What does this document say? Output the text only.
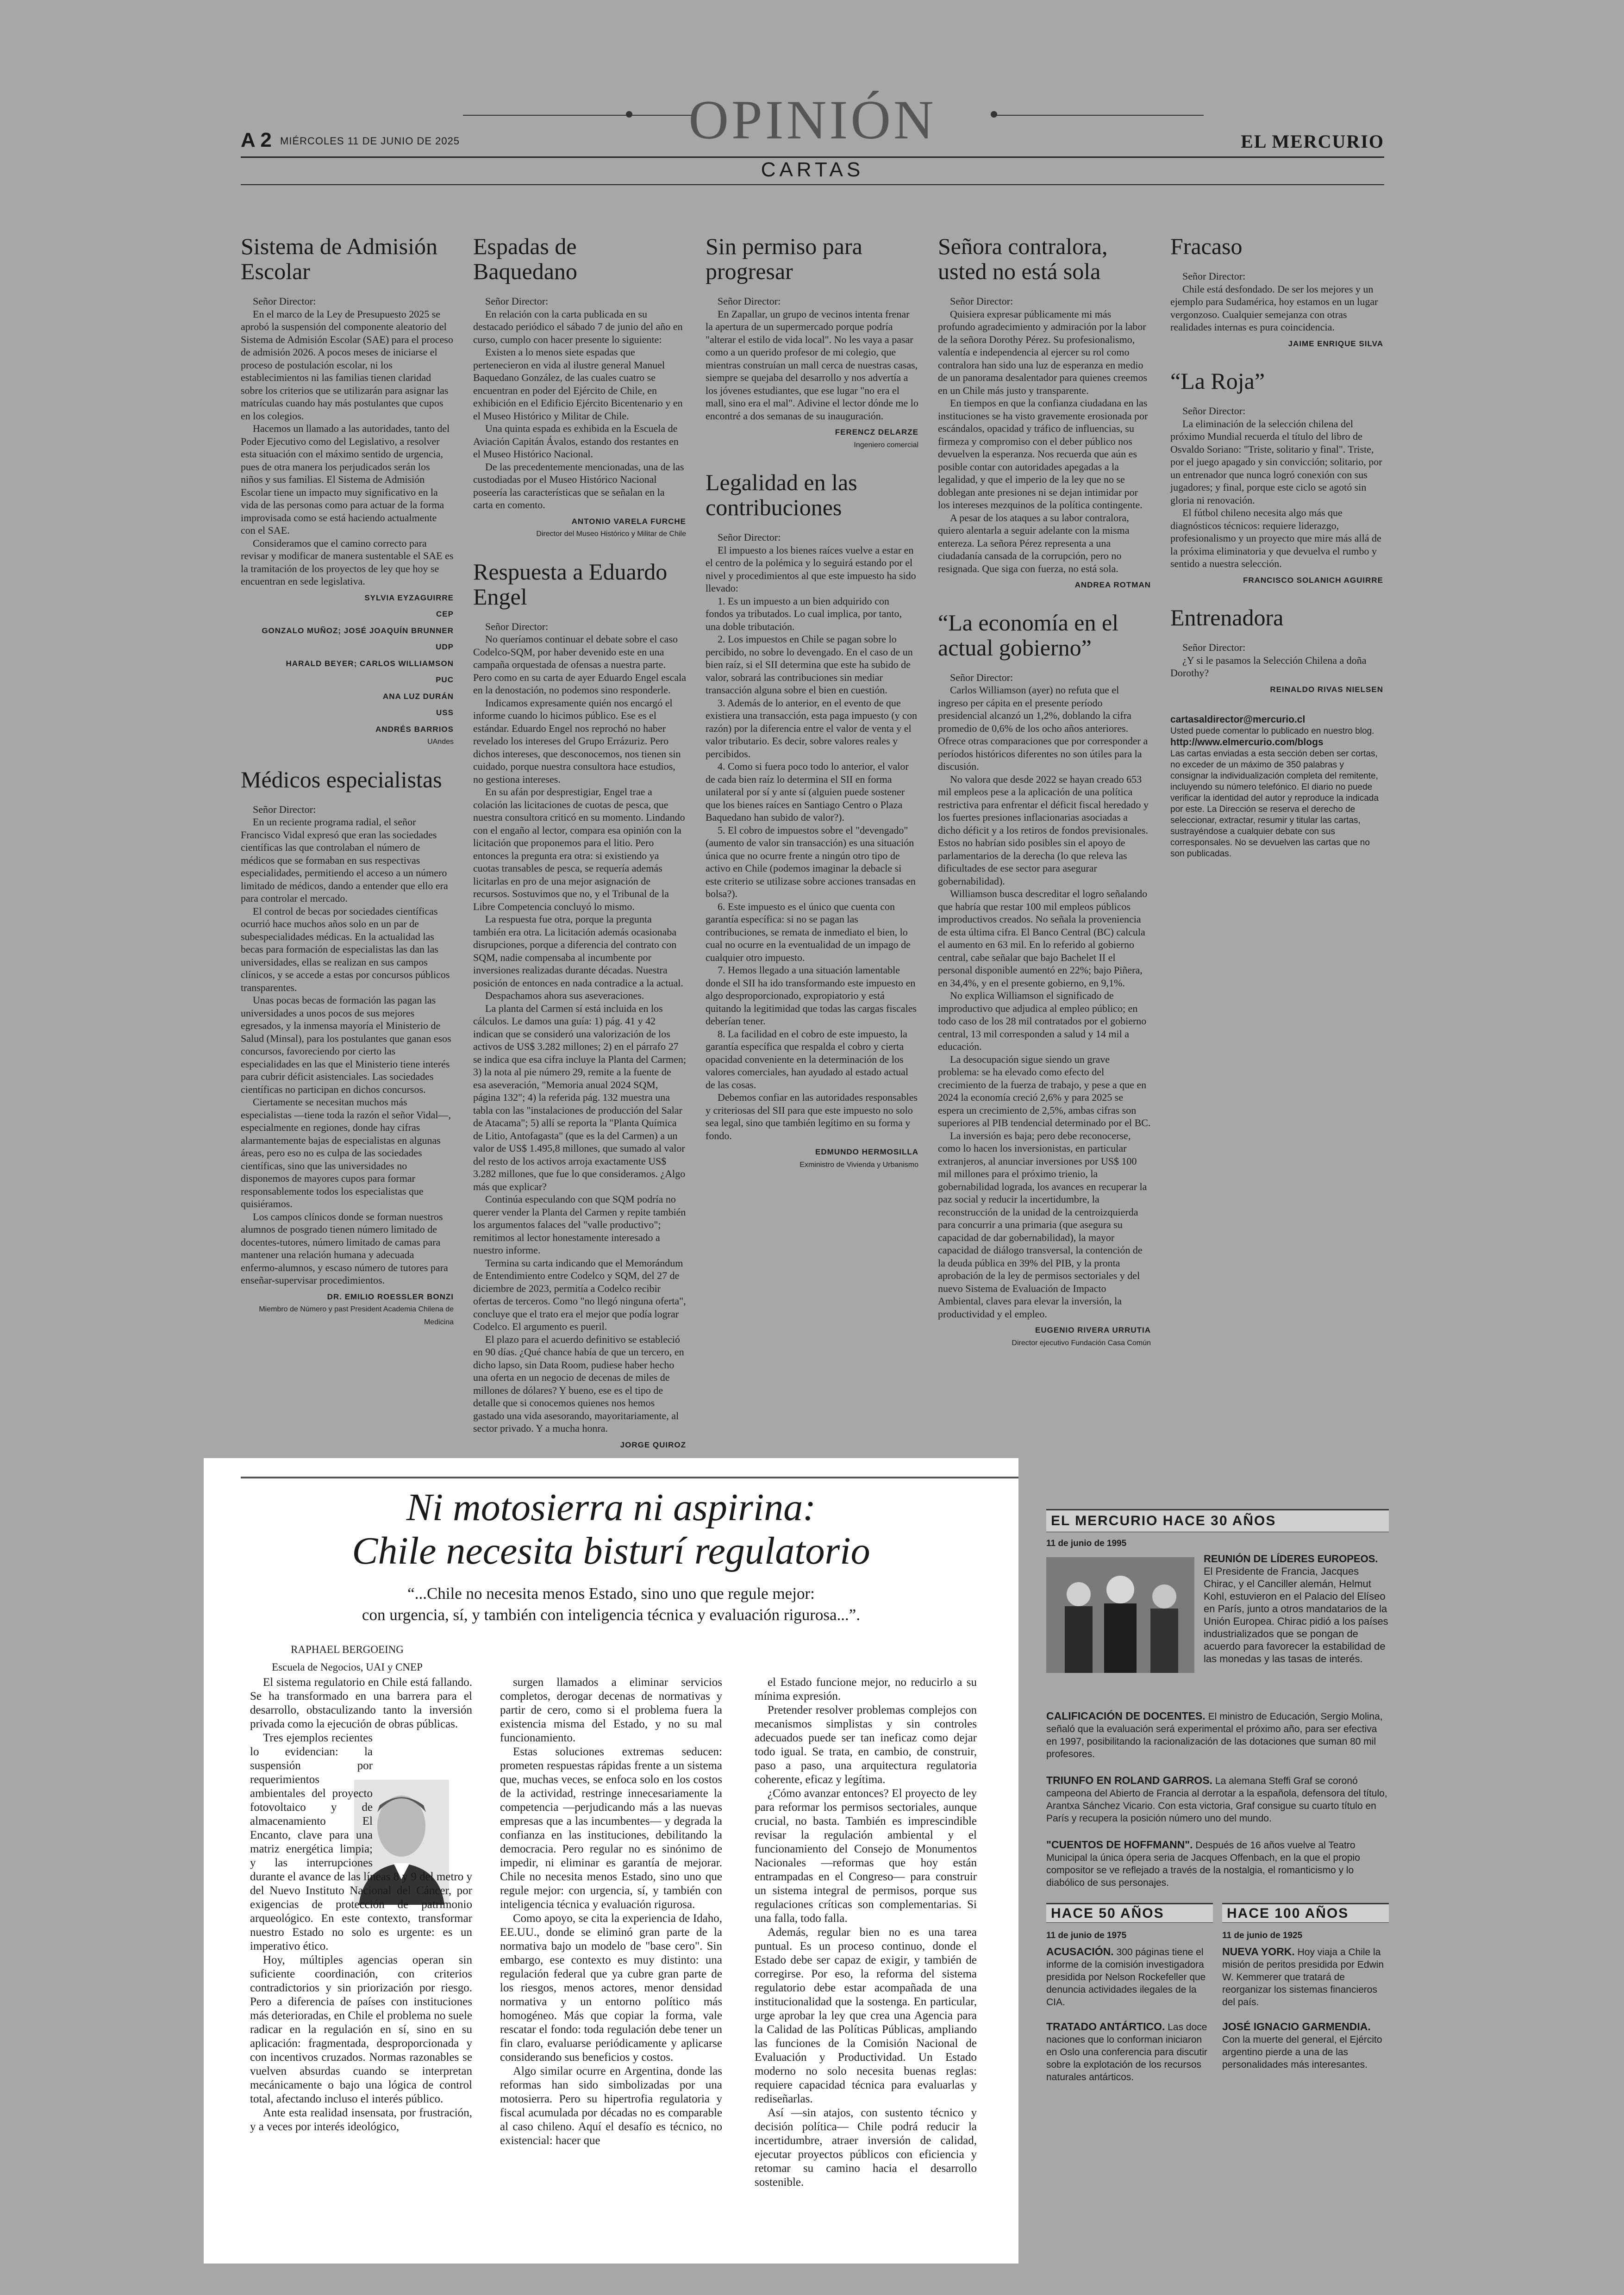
A 2 MIÉRCOLES 11 DE JUNIO DE 2025	OPINIÓN	EL MERCURIO
CARTAS
Sistema de Admisión Escolar

Señor Director:

En el marco de la Ley de Presupuesto 2025 se aprobó la suspensión del componente aleatorio del Sistema de Admisión Escolar (SAE) para el proceso de admisión 2026. A pocos meses de iniciarse el proceso de postulación escolar, ni los establecimientos ni las familias tienen claridad sobre los criterios que se utilizarán para asignar las matrículas cuando hay más postulantes que cupos en los colegios.

Hacemos un llamado a las autoridades, tanto del Poder Ejecutivo como del Legislativo, a resolver esta situación con el máximo sentido de urgencia, pues de otra manera los perjudicados serán los niños y sus familias. El Sistema de Admisión Escolar tiene un impacto muy significativo en la vida de las personas como para actuar de la forma improvisada como se está haciendo actualmente con el SAE.

Consideramos que el camino correcto para revisar y modificar de manera sustentable el SAE es la tramitación de los proyectos de ley que hoy se encuentran en sede legislativa.

SYLVIA EYZAGUIRRE
CEP
GONZALO MUÑOZ; JOSÉ JOAQUÍN BRUNNER
UDP
HARALD BEYER; CARLOS WILLIAMSON
PUC
ANA LUZ DURÁN
USS
ANDRÉS BARRIOS
UAndes
Médicos especialistas

Señor Director:

En un reciente programa radial, el señor Francisco Vidal expresó que eran las sociedades científicas las que controlaban el número de médicos que se formaban en sus respectivas especialidades, permitiendo el acceso a un número limitado de médicos, dando a entender que ello era para controlar el mercado.

El control de becas por sociedades científicas ocurrió hace muchos años solo en un par de subespecialidades médicas. En la actualidad las becas para formación de especialistas las dan las universidades, ellas se realizan en sus campos clínicos, y se accede a estas por concursos públicos transparentes.

Unas pocas becas de formación las pagan las universidades a unos pocos de sus mejores egresados, y la inmensa mayoría el Ministerio de Salud (Minsal), para los postulantes que ganan esos concursos, favoreciendo por cierto las especialidades en las que el Ministerio tiene interés para cubrir déficit asistenciales. Las sociedades científicas no participan en dichos concursos.

Ciertamente se necesitan muchos más especialistas —tiene toda la razón el señor Vidal—, especialmente en regiones, donde hay cifras alarmantemente bajas de especialistas en algunas áreas, pero eso no es culpa de las sociedades científicas, sino que las universidades no disponemos de mayores cupos para formar responsablemente todos los especialistas que quisiéramos.

Los campos clínicos donde se forman nuestros alumnos de posgrado tienen número limitado de docentes-tutores, número limitado de camas para mantener una relación humana y adecuada enfermo-alumnos, y escaso número de tutores para enseñar-supervisar procedimientos.

DR. EMILIO ROESSLER BONZI
Miembro de Número y past President Academia Chilena de Medicina
Espadas de Baquedano

Señor Director:

En relación con la carta publicada en su destacado periódico el sábado 7 de junio del año en curso, cumplo con hacer presente lo siguiente:

Existen a lo menos siete espadas que pertenecieron en vida al ilustre general Manuel Baquedano González, de las cuales cuatro se encuentran en poder del Ejército de Chile, en exhibición en el Edificio Ejército Bicentenario y en el Museo Histórico y Militar de Chile.

Una quinta espada es exhibida en la Escuela de Aviación Capitán Ávalos, estando dos restantes en el Museo Histórico Nacional.

De las precedentemente mencionadas, una de las custodiadas por el Museo Histórico Nacional poseería las características que se señalan en la carta en comento.

ANTONIO VARELA FURCHE
Director del Museo Histórico y Militar de Chile
Respuesta a Eduardo Engel

Señor Director:

No queríamos continuar el debate sobre el caso Codelco-SQM, por haber devenido este en una campaña orquestada de ofensas a nuestra parte. Pero como en su carta de ayer Eduardo Engel escala en la denostación, no podemos sino responderle.

Indicamos expresamente quién nos encargó el informe cuando lo hicimos público. Ese es el estándar. Eduardo Engel nos reprochó no haber revelado los intereses del Grupo Errázuriz. Pero dichos intereses, que desconocemos, nos tienen sin cuidado, porque nuestra consultora hace estudios, no gestiona intereses.

En su afán por desprestigiar, Engel trae a colación las licitaciones de cuotas de pesca, que nuestra consultora criticó en su momento. Lindando con el engaño al lector, compara esa opinión con la licitación que proponemos para el litio. Pero entonces la pregunta era otra: si existiendo ya cuotas transables de pesca, se requería además licitarlas en pro de una mejor asignación de recursos. Sostuvimos que no, y el Tribunal de la Libre Competencia concluyó lo mismo.

La respuesta fue otra, porque la pregunta también era otra. La licitación además ocasionaba disrupciones, porque a diferencia del contrato con SQM, nadie compensaba al incumbente por inversiones realizadas durante décadas. Nuestra posición de entonces en nada contradice a la actual.

Despachamos ahora sus aseveraciones.

La planta del Carmen sí está incluida en los cálculos. Le damos una guía: 1) pág. 41 y 42 indican que se consideró una valorización de los activos de US$ 3.282 millones; 2) en el párrafo 27 se indica que esa cifra incluye la Planta del Carmen; 3) la nota al pie número 29, remite a la fuente de esa aseveración, "Memoria anual 2024 SQM, página 132"; 4) la referida pág. 132 muestra una tabla con las "instalaciones de producción del Salar de Atacama"; 5) allí se reporta la "Planta Química de Litio, Antofagasta" (que es la del Carmen) a un valor de US$ 1.495,8 millones, que sumado al valor del resto de los activos arroja exactamente US$ 3.282 millones, que fue lo que consideramos. ¿Algo más que explicar?

Continúa especulando con que SQM podría no querer vender la Planta del Carmen y repite también los argumentos falaces del "valle productivo"; remitimos al lector honestamente interesado a nuestro informe.

Termina su carta indicando que el Memorándum de Entendimiento entre Codelco y SQM, del 27 de diciembre de 2023, permitía a Codelco recibir ofertas de terceros. Como "no llegó ninguna oferta", concluye que el trato era el mejor que podía lograr Codelco. El argumento es pueril.

El plazo para el acuerdo definitivo se estableció en 90 días. ¿Qué chance había de que un tercero, en dicho lapso, sin Data Room, pudiese haber hecho una oferta en un negocio de decenas de miles de millones de dólares? Y bueno, ese es el tipo de detalle que si conocemos quienes nos hemos gastado una vida asesorando, mayoritariamente, al sector privado. Y a mucha honra.

JORGE QUIROZ
Sin permiso para progresar

Señor Director:

En Zapallar, un grupo de vecinos intenta frenar la apertura de un supermercado porque podría "alterar el estilo de vida local". No les vaya a pasar como a un querido profesor de mi colegio, que mientras construían un mall cerca de nuestras casas, siempre se quejaba del desarrollo y nos advertía a los jóvenes estudiantes, que ese lugar "no era el mall, sino era el mal". Adivine el lector dónde me lo encontré a dos semanas de su inauguración.

FERENCZ DELARZE
Ingeniero comercial
Legalidad en las contribuciones

Señor Director:

El impuesto a los bienes raíces vuelve a estar en el centro de la polémica y lo seguirá estando por el nivel y procedimientos al que este impuesto ha sido llevado:

1. Es un impuesto a un bien adquirido con fondos ya tributados. Lo cual implica, por tanto, una doble tributación.

2. Los impuestos en Chile se pagan sobre lo percibido, no sobre lo devengado. En el caso de un bien raíz, si el SII determina que este ha subido de valor, sobrará las contribuciones sin mediar transacción alguna sobre el bien en cuestión.

3. Además de lo anterior, en el evento de que existiera una transacción, esta paga impuesto (y con razón) por la diferencia entre el valor de venta y el valor tributario. Es decir, sobre valores reales y percibidos.

4. Como si fuera poco todo lo anterior, el valor de cada bien raíz lo determina el SII en forma unilateral por sí y ante sí (alguien puede sostener que los bienes raíces en Santiago Centro o Plaza Baquedano han subido de valor?).

5. El cobro de impuestos sobre el "devengado" (aumento de valor sin transacción) es una situación única que no ocurre frente a ningún otro tipo de activo en Chile (podemos imaginar la debacle si este criterio se utilizase sobre acciones transadas en bolsa?).

6. Este impuesto es el único que cuenta con garantía específica: si no se pagan las contribuciones, se remata de inmediato el bien, lo cual no ocurre en la eventualidad de un impago de cualquier otro impuesto.

7. Hemos llegado a una situación lamentable donde el SII ha ido transformando este impuesto en algo desproporcionado, expropiatorio y está quitando la legitimidad que todas las cargas fiscales deberían tener.

8. La facilidad en el cobro de este impuesto, la garantía específica que respalda el cobro y cierta opacidad conveniente en la determinación de los valores comerciales, han ayudado al estado actual de las cosas.

Debemos confiar en las autoridades responsables y criteriosas del SII para que este impuesto no solo sea legal, sino que también legítimo en su forma y fondo.

EDMUNDO HERMOSILLA
Exministro de Vivienda y Urbanismo
Señora contralora, usted no está sola

Señor Director:

Quisiera expresar públicamente mi más profundo agradecimiento y admiración por la labor de la señora Dorothy Pérez. Su profesionalismo, valentía e independencia al ejercer su rol como contralora han sido una luz de esperanza en medio de un panorama desalentador para quienes creemos en un Chile más justo y transparente.

En tiempos en que la confianza ciudadana en las instituciones se ha visto gravemente erosionada por escándalos, opacidad y tráfico de influencias, su firmeza y compromiso con el deber público nos devuelven la esperanza. Nos recuerda que aún es posible contar con autoridades apegadas a la legalidad, y que el imperio de la ley que no se doblegan ante presiones ni se dejan intimidar por los intereses mezquinos de la política contingente.

A pesar de los ataques a su labor contralora, quiero alentarla a seguir adelante con la misma entereza. La señora Pérez representa a una ciudadanía cansada de la corrupción, pero no resignada. Que siga con fuerza, no está sola.

ANDREA ROTMAN
“La economía en el actual gobierno”

Señor Director:

Carlos Williamson (ayer) no refuta que el ingreso per cápita en el presente período presidencial alcanzó un 1,2%, doblando la cifra promedio de 0,6% de los ocho años anteriores. Ofrece otras comparaciones que por corresponder a períodos históricos diferentes no son útiles para la discusión.

No valora que desde 2022 se hayan creado 653 mil empleos pese a la aplicación de una política restrictiva para enfrentar el déficit fiscal heredado y los fuertes presiones inflacionarias asociadas a dicho déficit y a los retiros de fondos previsionales. Estos no habrían sido posibles sin el apoyo de parlamentarios de la derecha (lo que releva las dificultades de ese sector para asegurar gobernabilidad).

Williamson busca descreditar el logro señalando que habría que restar 100 mil empleos públicos improductivos creados. No señala la proveniencia de esta última cifra. El Banco Central (BC) calcula el aumento en 63 mil. En lo referido al gobierno central, cabe señalar que bajo Bachelet II el personal disponible aumentó en 22%; bajo Piñera, en 34,4%, y en el presente gobierno, en 9,1%.

No explica Williamson el significado de improductivo que adjudica al empleo público; en todo caso de los 28 mil contratados por el gobierno central, 13 mil corresponden a salud y 14 mil a educación.

La desocupación sigue siendo un grave problema: se ha elevado como efecto del crecimiento de la fuerza de trabajo, y pese a que en 2024 la economía creció 2,6% y para 2025 se espera un crecimiento de 2,5%, ambas cifras son superiores al PIB tendencial determinado por el BC.

La inversión es baja; pero debe reconocerse, como lo hacen los inversionistas, en particular extranjeros, al anunciar inversiones por US$ 100 mil millones para el próximo trienio, la gobernabilidad lograda, los avances en recuperar la paz social y reducir la incertidumbre, la reconstrucción de la unidad de la centroizquierda para concurrir a una primaria (que asegura su capacidad de dar gobernabilidad), la mayor capacidad de diálogo transversal, la contención de la deuda pública en 39% del PIB, y la pronta aprobación de la ley de permisos sectoriales y del nuevo Sistema de Evaluación de Impacto Ambiental, claves para elevar la inversión, la productividad y el empleo.

EUGENIO RIVERA URRUTIA
Director ejecutivo Fundación Casa Común
Fracaso

Señor Director:

Chile está desfondado. De ser los mejores y un ejemplo para Sudamérica, hoy estamos en un lugar vergonzoso. Cualquier semejanza con otras realidades internas es pura coincidencia.

JAIME ENRIQUE SILVA
“La Roja”

Señor Director:

La eliminación de la selección chilena del próximo Mundial recuerda el título del libro de Osvaldo Soriano: "Triste, solitario y final". Triste, por el juego apagado y sin convicción; solitario, por un entrenador que nunca logró conexión con sus jugadores; y final, porque este ciclo se agotó sin gloria ni renovación.

El fútbol chileno necesita algo más que diagnósticos técnicos: requiere liderazgo, profesionalismo y un proyecto que mire más allá de la próxima eliminatoria y que devuelva el rumbo y sentido a nuestra selección.

FRANCISCO SOLANICH AGUIRRE
Entrenadora

Señor Director:

¿Y si le pasamos la Selección Chilena a doña Dorothy?

REINALDO RIVAS NIELSEN
cartasaldirector@mercurio.cl
Usted puede comentar lo publicado en nuestro blog.
http://www.elmercurio.com/blogs
Las cartas enviadas a esta sección deben ser cortas, no exceder de un máximo de 350 palabras y consignar la individualización completa del remitente, incluyendo su número telefónico. El diario no puede verificar la identidad del autor y reproduce la indicada por este. La Dirección se reserva el derecho de seleccionar, extractar, resumir y titular las cartas, sustrayéndose a cualquier debate con sus corresponsales. No se devuelven las cartas que no son publicadas.
Ni motosierra ni aspirina:
Chile necesita bisturí regulatorio
“...Chile no necesita menos Estado, sino uno que regule mejor:
con urgencia, sí, y también con inteligencia técnica y evaluación rigurosa...”.
RAPHAEL BERGOEING
Escuela de Negocios, UAI y CNEP

El sistema regulatorio en Chile está fallando. Se ha transformado en una barrera para el desarrollo, obstaculizando tanto la inversión privada como la ejecución de obras públicas.

Tres ejemplos recientes lo evidencian: la suspensión por requerimientos ambientales del proyecto fotovoltaico y de almacenamiento El Encanto, clave para una matriz energética limpia; y las interrupciones durante el avance de las líneas 8 y 9 del metro y del Nuevo Instituto Nacional del Cáncer, por exigencias de protección de patrimonio arqueológico. En este contexto, transformar nuestro Estado no solo es urgente: es un imperativo ético.

Hoy, múltiples agencias operan sin suficiente coordinación, con criterios contradictorios y sin priorización por riesgo. Pero a diferencia de países con instituciones más deterioradas, en Chile el problema no suele radicar en la regulación en sí, sino en su aplicación: fragmentada, desproporcionada y con incentivos cruzados. Normas razonables se vuelven absurdas cuando se interpretan mecánicamente o bajo una lógica de control total, afectando incluso el interés público.

Ante esta realidad insensata, por frustración, y a veces por interés ideológico,

surgen llamados a eliminar servicios completos, derogar decenas de normativas y partir de cero, como si el problema fuera la existencia misma del Estado, y no su mal funcionamiento.

Estas soluciones extremas seducen: prometen respuestas rápidas frente a un sistema que, muchas veces, se enfoca solo en los costos de la actividad, restringe innecesariamente la competencia —perjudicando más a las nuevas empresas que a las incumbentes— y degrada la confianza en las instituciones, debilitando la democracia. Pero regular no es sinónimo de impedir, ni eliminar es garantía de mejorar. Chile no necesita menos Estado, sino uno que regule mejor: con urgencia, sí, y también con inteligencia técnica y evaluación rigurosa.

Como apoyo, se cita la experiencia de Idaho, EE.UU., donde se eliminó gran parte de la normativa bajo un modelo de "base cero". Sin embargo, ese contexto es muy distinto: una regulación federal que ya cubre gran parte de los riesgos, menos actores, menor densidad normativa y un entorno político más homogéneo. Más que copiar la forma, vale rescatar el fondo: toda regulación debe tener un fin claro, evaluarse periódicamente y aplicarse considerando sus beneficios y costos.

Algo similar ocurre en Argentina, donde las reformas han sido simbolizadas por una motosierra. Pero su hipertrofia regulatoria y fiscal acumulada por décadas no es comparable al caso chileno. Aquí el desafío es técnico, no existencial: hacer que

el Estado funcione mejor, no reducirlo a su mínima expresión.

Pretender resolver problemas complejos con mecanismos simplistas y sin controles adecuados puede ser tan ineficaz como dejar todo igual. Se trata, en cambio, de construir, paso a paso, una arquitectura regulatoria coherente, eficaz y legítima.

¿Cómo avanzar entonces? El proyecto de ley para reformar los permisos sectoriales, aunque crucial, no basta. También es imprescindible revisar la regulación ambiental y el funcionamiento del Consejo de Monumentos Nacionales —reformas que hoy están entrampadas en el Congreso— para construir un sistema integral de permisos, porque sus regulaciones críticas son complementarias. Si una falla, todo falla.

Además, regular bien no es una tarea puntual. Es un proceso continuo, donde el Estado debe ser capaz de exigir, y también de corregirse. Por eso, la reforma del sistema regulatorio debe estar acompañada de una institucionalidad que la sostenga. En particular, urge aprobar la ley que crea una Agencia para la Calidad de las Políticas Públicas, ampliando las funciones de la Comisión Nacional de Evaluación y Productividad. Un Estado moderno no solo necesita buenas reglas: requiere capacidad técnica para evaluarlas y rediseñarlas.

Así —sin atajos, con sustento técnico y decisión política— Chile podrá reducir la incertidumbre, atraer inversión de calidad, ejecutar proyectos públicos con eficiencia y retomar su camino hacia el desarrollo sostenible.

EL MERCURIO HACE 30 AÑOS
11 de junio de 1995
REUNIÓN DE LÍDERES EUROPEOS. El Presidente de Francia, Jacques Chirac, y el Canciller alemán, Helmut Kohl, estuvieron en el Palacio del Elíseo en París, junto a otros mandatarios de la Unión Europea. Chirac pidió a los países industrializados que se pongan de acuerdo para favorecer la estabilidad de las monedas y las tasas de interés.
CALIFICACIÓN DE DOCENTES. El ministro de Educación, Sergio Molina, señaló que la evaluación será experimental el próximo año, para ser efectiva en 1997, posibilitando la racionalización de las dotaciones que suman 80 mil profesores.
TRIUNFO EN ROLAND GARROS. La alemana Steffi Graf se coronó campeona del Abierto de Francia al derrotar a la española, defensora del título, Arantxa Sánchez Vicario. Con esta victoria, Graf consigue su cuarto título en París y recupera la posición número uno del mundo.
"CUENTOS DE HOFFMANN". Después de 16 años vuelve al Teatro Municipal la única ópera seria de Jacques Offenbach, en la que el propio compositor se ve reflejado a través de la nostalgia, el romanticismo y lo diabólico de sus personajes.
HACE 50 AÑOS
11 de junio de 1975
ACUSACIÓN. 300 páginas tiene el informe de la comisión investigadora presidida por Nelson Rockefeller que denuncia actividades ilegales de la CIA.
TRATADO ANTÁRTICO. Las doce naciones que lo conforman iniciaron en Oslo una conferencia para discutir sobre la explotación de los recursos naturales antárticos.
HACE 100 AÑOS
11 de junio de 1925
NUEVA YORK. Hoy viaja a Chile la misión de peritos presidida por Edwin W. Kemmerer que tratará de reorganizar los sistemas financieros del país.
JOSÉ IGNACIO GARMENDIA. Con la muerte del general, el Ejército argentino pierde a una de las personalidades más interesantes.
